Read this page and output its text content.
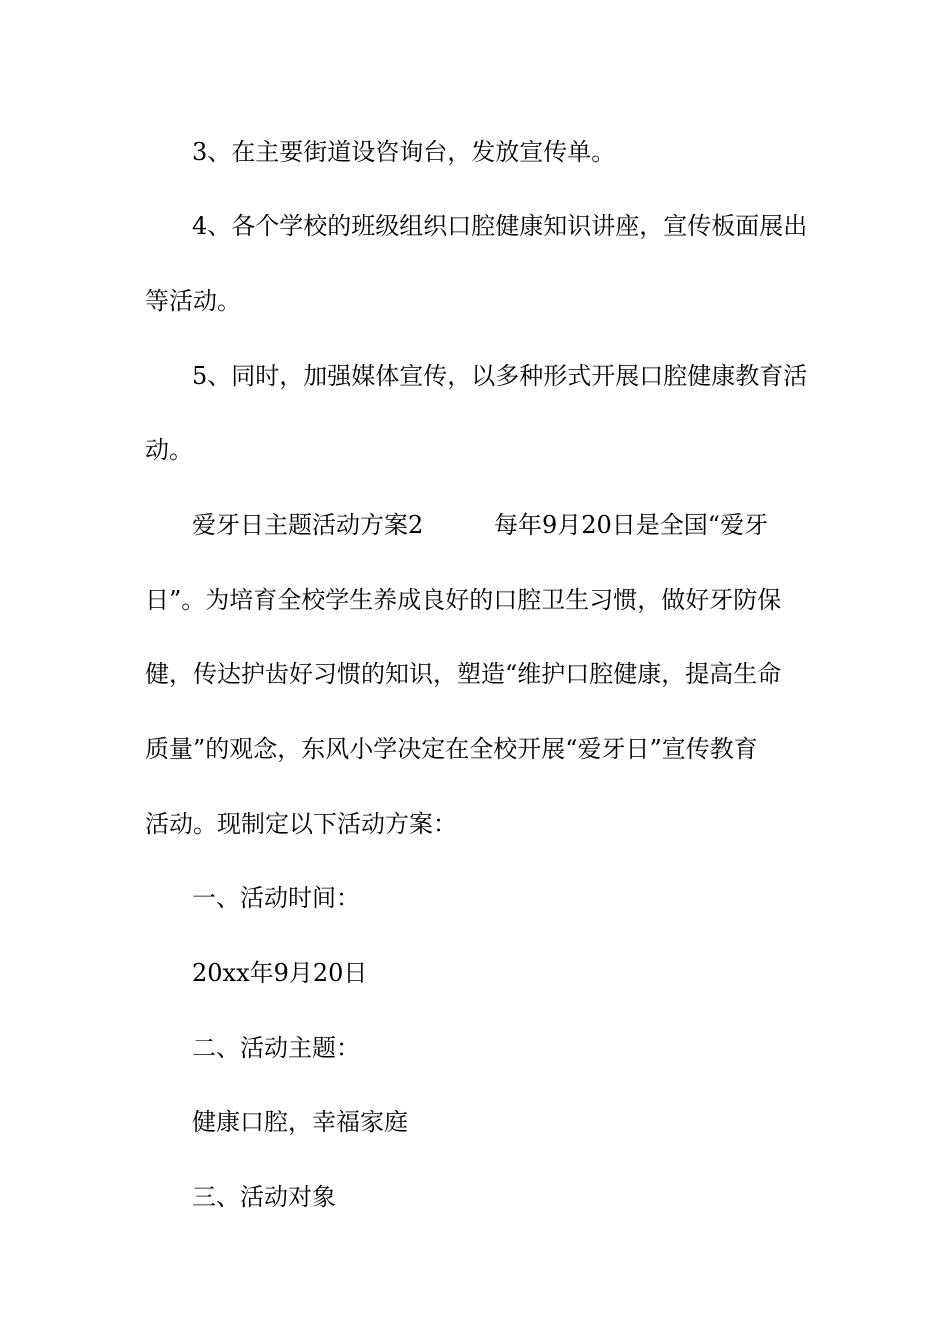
3、在主要街道设咨询台，发放宣传单。

4、各个学校的班级组织口腔健康知识讲座，宣传板面展出

等活动。

5、同时，加强媒体宣传，以多种形式开展口腔健康教育活

动。

爱牙日主题活动方案2	每年9月20日是全国“爱牙

日”。为培育全校学生养成良好的口腔卫生习惯，做好牙防保

健，传达护齿好习惯的知识，塑造“维护口腔健康，提高生命

质量”的观念，东风小学决定在全校开展“爱牙日”宣传教育

活动。现制定以下活动方案：

一、活动时间：

20xx年9月20日

二、活动主题：

健康口腔，幸福家庭

三、活动对象
